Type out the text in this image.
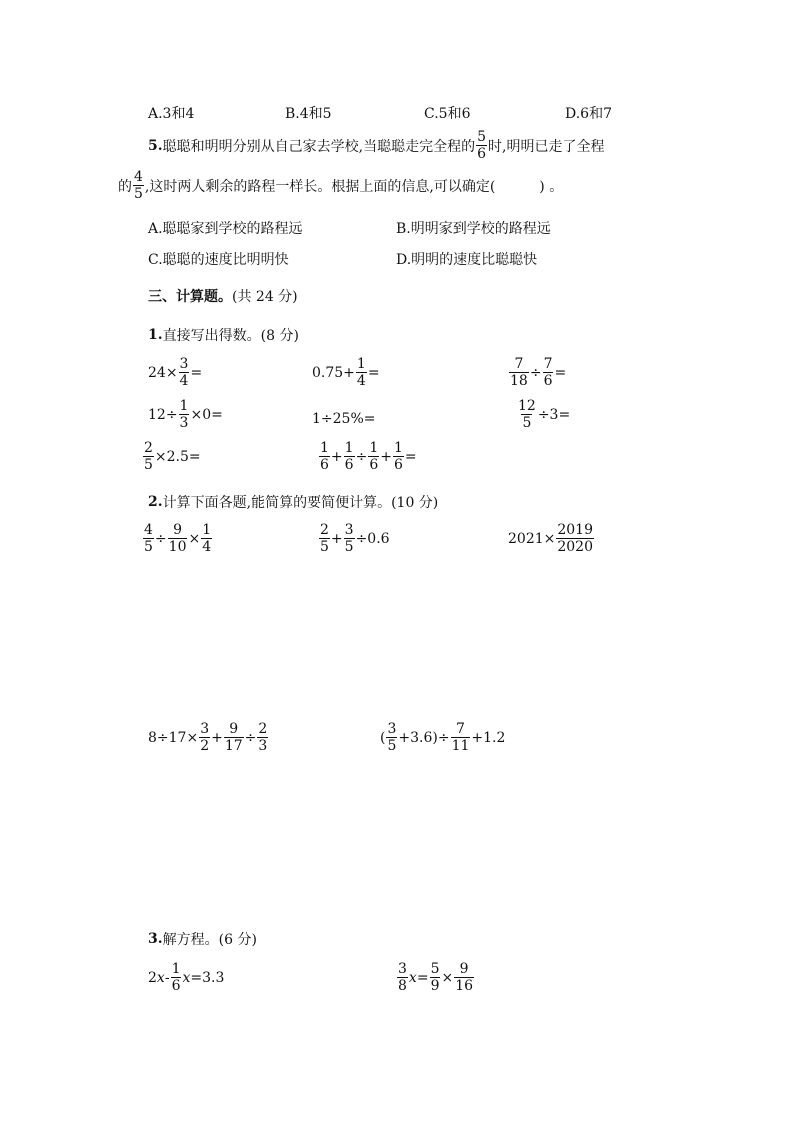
A.3和4	B.4和5	C.5和6	D.6和7
5. 聪聪和明明分别从自己家去学校,当聪聪走完全程的 $\frac{5}{6}$ 时,明明已走了全程
的 $\frac{4}{5}$ ,这时两人剩余的路程一样长。根据上面的信息,可以确定(	) 。
A.聪聪家到学校的路程远	B.明明家到学校的路程远
C.聪聪的速度比明明快	D.明明的速度比聪聪快
三、 计算题。 (共 24 分)
1. 直接写出得数。(8 分)
$24\times \frac{3}{4}$ =	$0.75+ \frac{1}{4}$ =	$\frac{7}{18} \div \frac{7}{6}$ =
$12\div \frac{1}{3} \times 0=$	1÷25%=	$\frac{12}{5} \div 3=$
$\frac{2}{5} \times 2.5=$	$\frac{1}{6} + \frac{1}{6} \div \frac{1}{6} + \frac{1}{6}$ =
2. 计算下面各题,能简算的要简便计算。(10 分)
$\frac{4}{5} \div \frac{9}{10} \times \frac{1}{4}$	$\frac{2}{5} + \frac{3}{5} \div 0.6$	$2021\times \frac{2019}{2020}$
$8\div 17\times \frac{3}{2} + \frac{9}{17} \div \frac{2}{3}$	( $\frac{3}{5} +3.6)\div \frac{7}{11} +1.2$
3. 解方程。(6 分)
2 x - $\frac{1}{6}$ x =3.3	$\frac{3}{8}$ $x = \frac{5}{9} \times \frac{9}{16}$
